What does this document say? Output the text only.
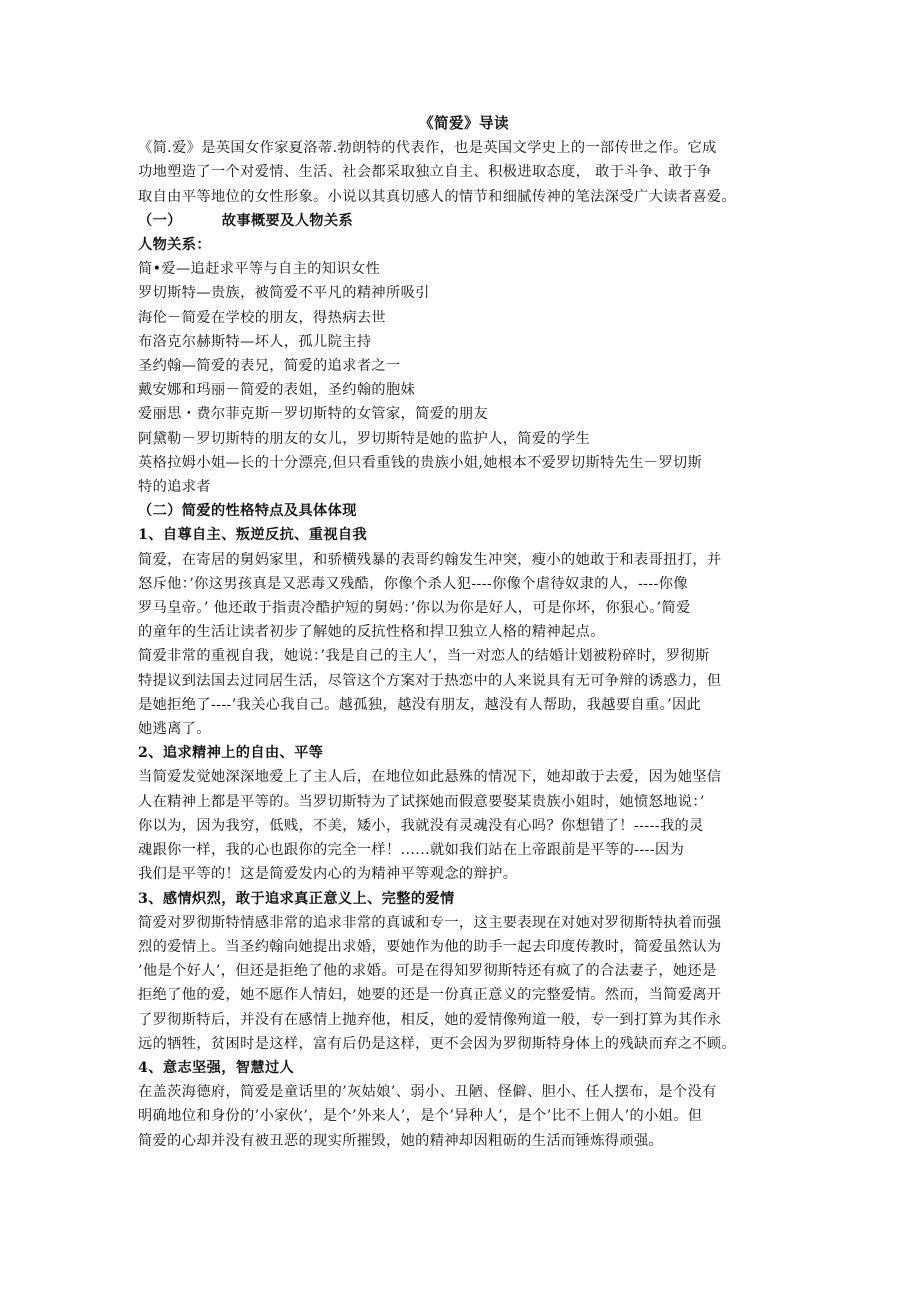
《简爱》导读
《简.爱》是英国女作家夏洛蒂.勃朗特的代表作，也是英国文学史上的一部传世之作。它成
功地塑造了一个对爱情、生活、社会都采取独立自主、积极进取态度， 敢于斗争、敢于争
取自由平等地位的女性形象。小说以其真切感人的情节和细腻传神的笔法深受广大读者喜爱。
（一）	故事概要及人物关系
人物关系：
简•爱—追赶求平等与自主的知识女性
罗切斯特—贵族，被简爱不平凡的精神所吸引
海伦－简爱在学校的朋友，得热病去世
布洛克尔赫斯特—坏人，孤儿院主持
圣约翰—简爱的表兄，简爱的追求者之一
戴安娜和玛丽－简爱的表姐，圣约翰的胞妹
爱丽思・费尔菲克斯－罗切斯特的女管家，简爱的朋友
阿黛勒－罗切斯特的朋友的女儿，罗切斯特是她的监护人，简爱的学生
英格拉姆小姐—长的十分漂亮,但只看重钱的贵族小姐,她根本不爱罗切斯特先生－罗切斯
特的追求者
（二）简爱的性格特点及具体体现
1、自尊自主、叛逆反抗、重视自我
简爱，在寄居的舅妈家里，和骄横残暴的表哥约翰发生冲突，瘦小的她敢于和表哥扭打，并
怒斥他：’你这男孩真是又恶毒又残酷，你像个杀人犯----你像个虐待奴隶的人，----你像
罗马皇帝。’ 他还敢于指责冷酷护短的舅妈：’你以为你是好人，可是你坏，你狠心。’简爱
的童年的生活让读者初步了解她的反抗性格和捍卫独立人格的精神起点。
简爱非常的重视自我，她说：’我是自己的主人’，当一对恋人的结婚计划被粉碎时，罗彻斯
特提议到法国去过同居生活，尽管这个方案对于热恋中的人来说具有无可争辩的诱惑力，但
是她拒绝了----’我关心我自己。越孤独，越没有朋友，越没有人帮助，我越要自重。’因此
她逃离了。
2、追求精神上的自由、平等
当简爱发觉她深深地爱上了主人后，在地位如此悬殊的情况下，她却敢于去爱，因为她坚信
人在精神上都是平等的。当罗切斯特为了试探她而假意要娶某贵族小姐时，她愤怒地说：’
你以为，因为我穷，低贱，不美，矮小，我就没有灵魂没有心吗？你想错了！-----我的灵
魂跟你一样，我的心也跟你的完全一样！......就如我们站在上帝跟前是平等的----因为
我们是平等的！这是简爱发内心的为精神平等观念的辩护。
3、感情炽烈，敢于追求真正意义上、完整的爱情
简爱对罗彻斯特情感非常的追求非常的真诚和专一，这主要表现在对她对罗彻斯特执着而强
烈的爱情上。当圣约翰向她提出求婚，要她作为他的助手一起去印度传教时，简爱虽然认为
’他是个好人’，但还是拒绝了他的求婚。可是在得知罗彻斯特还有疯了的合法妻子，她还是
拒绝了他的爱，她不愿作人情妇，她要的还是一份真正意义的完整爱情。然而，当简爱离开
了罗彻斯特后，并没有在感情上抛弃他，相反，她的爱情像殉道一般，专一到打算为其作永
远的牺牲，贫困时是这样，富有后仍是这样，更不会因为罗彻斯特身体上的残缺而弃之不顾。
4、意志坚强，智慧过人
在盖茨海德府，简爱是童话里的’灰姑娘’、弱小、丑陋、怪僻、胆小、任人摆布，是个没有
明确地位和身份的’小家伙’，是个’外来人’，是个’异种人’，是个’比不上佣人’的小姐。但
简爱的心却并没有被丑恶的现实所摧毁，她的精神却因粗砺的生活而锤炼得顽强。
